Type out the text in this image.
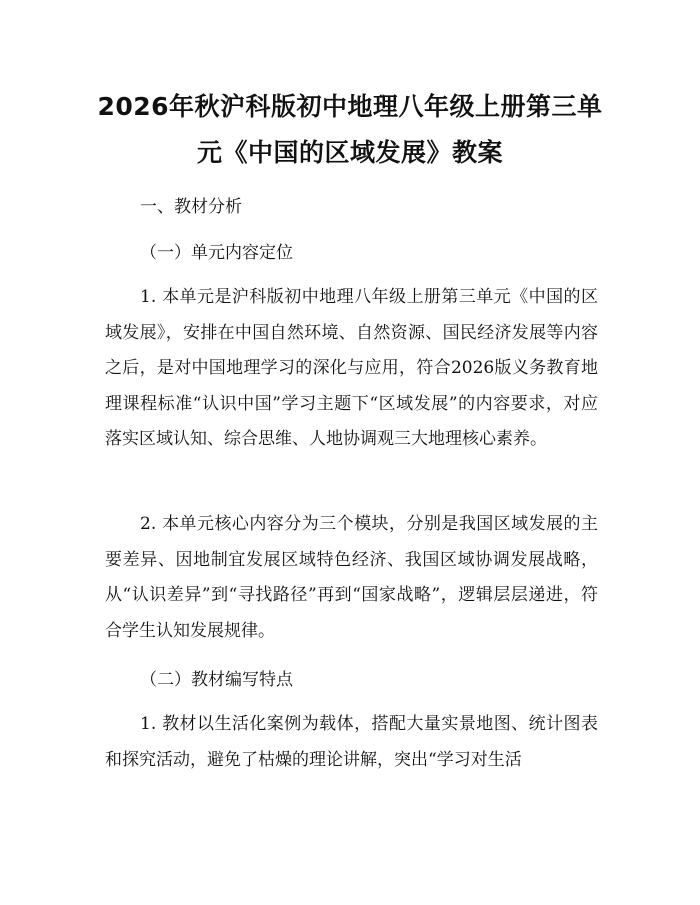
2026年秋沪科版初中地理八年级上册第三单
元《中国的区域发展》教案
一、教材分析
（一）单元内容定位
1. 本单元是沪科版初中地理八年级上册第三单元《中国的区域发展》，安排在中国自然环境、自然资源、国民经济发展等内容之后，是对中国地理学习的深化与应用，符合2026版义务教育地理课程标准“认识中国”学习主题下“区域发展”的内容要求，对应落实区域认知、综合思维、人地协调观三大地理核心素养。
2. 本单元核心内容分为三个模块，分别是我国区域发展的主要差异、因地制宜发展区域特色经济、我国区域协调发展战略，从“认识差异”到“寻找路径”再到“国家战略”，逻辑层层递进，符合学生认知发展规律。
（二）教材编写特点
1. 教材以生活化案例为载体，搭配大量实景地图、统计图表和探究活动，避免了枯燥的理论讲解，突出“学习对生活
